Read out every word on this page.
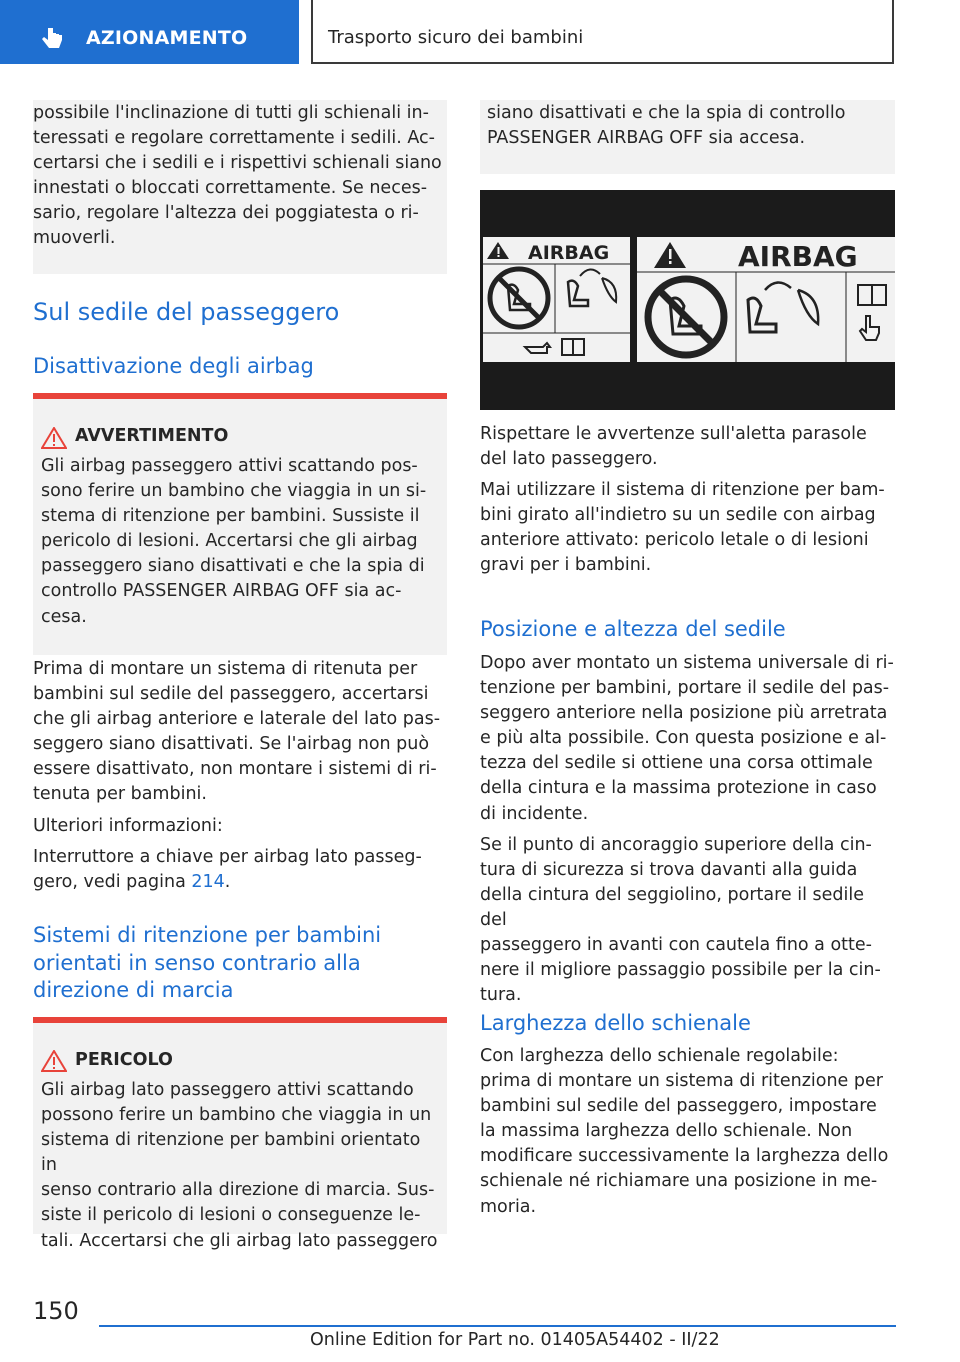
AZIONAMENTO	Trasporto sicuro dei bambini

possibile l'inclinazione di tutti gli schienali in-
teressati e regolare correttamente i sedili. Ac-
certarsi che i sedili e i rispettivi schienali siano
innestati o bloccati correttamente. Se neces-
sario, regolare l'altezza dei poggiatesta o ri-
muoverli.

Sul sedile del passeggero
Disattivazione degli airbag
AVVERTIMENTO
Gli airbag passeggero attivi scattando pos-
sono ferire un bambino che viaggia in un si-
stema di ritenzione per bambini. Sussiste il
pericolo di lesioni. Accertarsi che gli airbag
passeggero siano disattivati e che la spia di
controllo PASSENGER AIRBAG OFF sia ac-
cesa.

Prima di montare un sistema di ritenuta per
bambini sul sedile del passeggero, accertarsi
che gli airbag anteriore e laterale del lato pas-
seggero siano disattivati. Se l'airbag non può
essere disattivato, non montare i sistemi di ri-
tenuta per bambini.

Ulteriori informazioni:

Interruttore a chiave per airbag lato passeg-
gero, vedi pagina 214.

Sistemi di ritenzione per bambini
orientati in senso contrario alla
direzione di marcia
PERICOLO
Gli airbag lato passeggero attivi scattando
possono ferire un bambino che viaggia in un
sistema di ritenzione per bambini orientato in
senso contrario alla direzione di marcia. Sus-
siste il pericolo di lesioni o conseguenze le-
tali. Accertarsi che gli airbag lato passeggero
siano disattivati e che la spia di controllo
PASSENGER AIRBAG OFF sia accesa.
AIRBAG	AIRBAG

Rispettare le avvertenze sull'aletta parasole
del lato passeggero.

Mai utilizzare il sistema di ritenzione per bam-
bini girato all'indietro su un sedile con airbag
anteriore attivato: pericolo letale o di lesioni
gravi per i bambini.

Posizione e altezza del sedile

Dopo aver montato un sistema universale di ri-
tenzione per bambini, portare il sedile del pas-
seggero anteriore nella posizione più arretrata
e più alta possibile. Con questa posizione e al-
tezza del sedile si ottiene una corsa ottimale
della cintura e la massima protezione in caso
di incidente.

Se il punto di ancoraggio superiore della cin-
tura di sicurezza si trova davanti alla guida
della cintura del seggiolino, portare il sedile del
passeggero in avanti con cautela fino a otte-
nere il migliore passaggio possibile per la cin-
tura.

Larghezza dello schienale

Con larghezza dello schienale regolabile:
prima di montare un sistema di ritenzione per
bambini sul sedile del passeggero, impostare
la massima larghezza dello schienale. Non
modificare successivamente la larghezza dello
schienale né richiamare una posizione in me-
moria.

150
Online Edition for Part no. 01405A54402 - II/22
